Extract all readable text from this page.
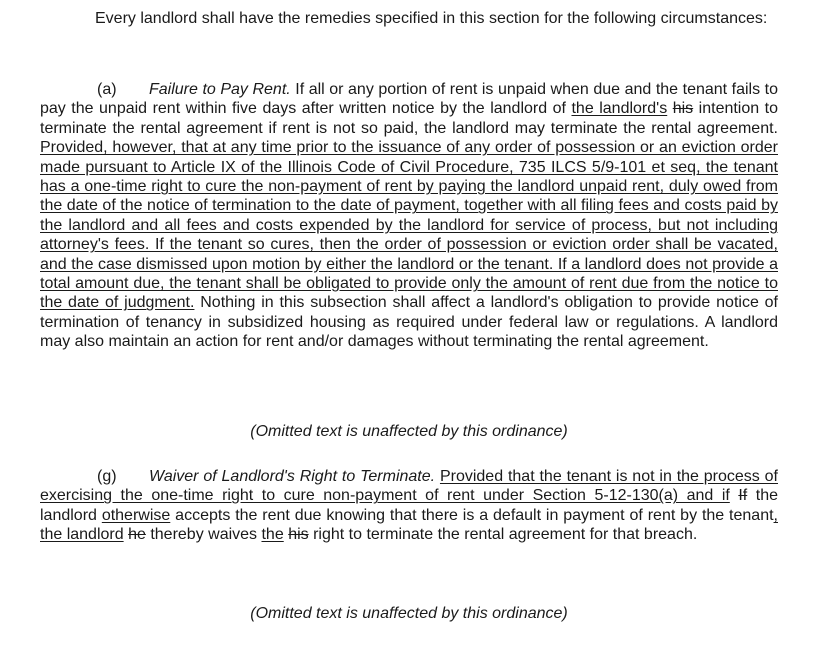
Every landlord shall have the remedies specified in this section for the following circumstances:

(a) Failure to Pay Rent. If all or any portion of rent is unpaid when due and the tenant fails to pay the unpaid rent within five days after written notice by the landlord of the landlord's his intention to terminate the rental agreement if rent is not so paid, the landlord may terminate the rental agreement. Provided, however, that at any time prior to the issuance of any order of possession or an eviction order made pursuant to Article IX of the Illinois Code of Civil Procedure, 735 ILCS 5/9-101 et seq, the tenant has a one-time right to cure the non-payment of rent by paying the landlord unpaid rent, duly owed from the date of the notice of termination to the date of payment, together with all filing fees and costs paid by the landlord and all fees and costs expended by the landlord for service of process, but not including attorney's fees. If the tenant so cures, then the order of possession or eviction order shall be vacated, and the case dismissed upon motion by either the landlord or the tenant. If a landlord does not provide a total amount due, the tenant shall be obligated to provide only the amount of rent due from the notice to the date of judgment. Nothing in this subsection shall affect a landlord's obligation to provide notice of termination of tenancy in subsidized housing as required under federal law or regulations. A landlord may also maintain an action for rent and/or damages without terminating the rental agreement.

(Omitted text is unaffected by this ordinance)

(g) Waiver of Landlord's Right to Terminate. Provided that the tenant is not in the process of exercising the one-time right to cure non-payment of rent under Section 5-12-130(a) and if If the landlord otherwise accepts the rent due knowing that there is a default in payment of rent by the tenant, the landlord he thereby waives the his right to terminate the rental agreement for that breach.

(Omitted text is unaffected by this ordinance)
